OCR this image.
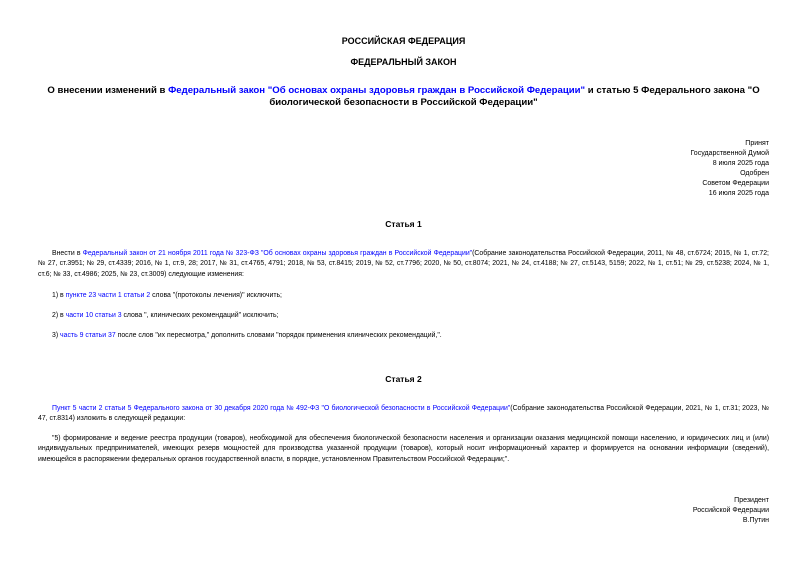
РОССИЙСКАЯ ФЕДЕРАЦИЯ
ФЕДЕРАЛЬНЫЙ ЗАКОН
О внесении изменений в Федеральный закон "Об основах охраны здоровья граждан в Российской Федерации" и статью 5 Федерального закона "О биологической безопасности в Российской Федерации"
Принят
Государственной Думой
8 июля 2025 года
Одобрен
Советом Федерации
16 июля 2025 года
Статья 1
Внести в Федеральный закон от 21 ноября 2011 года № 323-ФЗ "Об основах охраны здоровья граждан в Российской Федерации"(Собрание законодательства Российской Федерации, 2011, № 48, ст.6724; 2015, № 1, ст.72; № 27, ст.3951; № 29, ст.4339; 2016, № 1, ст.9, 28; 2017, № 31, ст.4765, 4791; 2018, № 53, ст.8415; 2019, № 52, ст.7796; 2020, № 50, ст.8074; 2021, № 24, ст.4188; № 27, ст.5143, 5159; 2022, № 1, ст.51; № 29, ст.5238; 2024, № 1, ст.6; № 33, ст.4986; 2025, № 23, ст.3009) следующие изменения:
1) в пункте 23 части 1 статьи 2 слова "(протоколы лечения)" исключить;
2) в части 10 статьи 3 слова ", клинических рекомендаций" исключить;
3) часть 9 статьи 37 после слов "их пересмотра," дополнить словами "порядок применения клинических рекомендаций,".
Статья 2
Пункт 5 части 2 статьи 5 Федерального закона от 30 декабря 2020 года № 492-ФЗ "О биологической безопасности в Российской Федерации"(Собрание законодательства Российской Федерации, 2021, № 1, ст.31; 2023, № 47, ст.8314) изложить в следующей редакции:
"5) формирование и ведение реестра продукции (товаров), необходимой для обеспечения биологической безопасности населения и организации оказания медицинской помощи населению, и юридических лиц и (или) индивидуальных предпринимателей, имеющих резерв мощностей для производства указанной продукции (товаров), который носит информационный характер и формируется на основании информации (сведений), имеющейся в распоряжении федеральных органов государственной власти, в порядке, установленном Правительством Российской Федерации;".
Президент
Российской Федерации
В.Путин
